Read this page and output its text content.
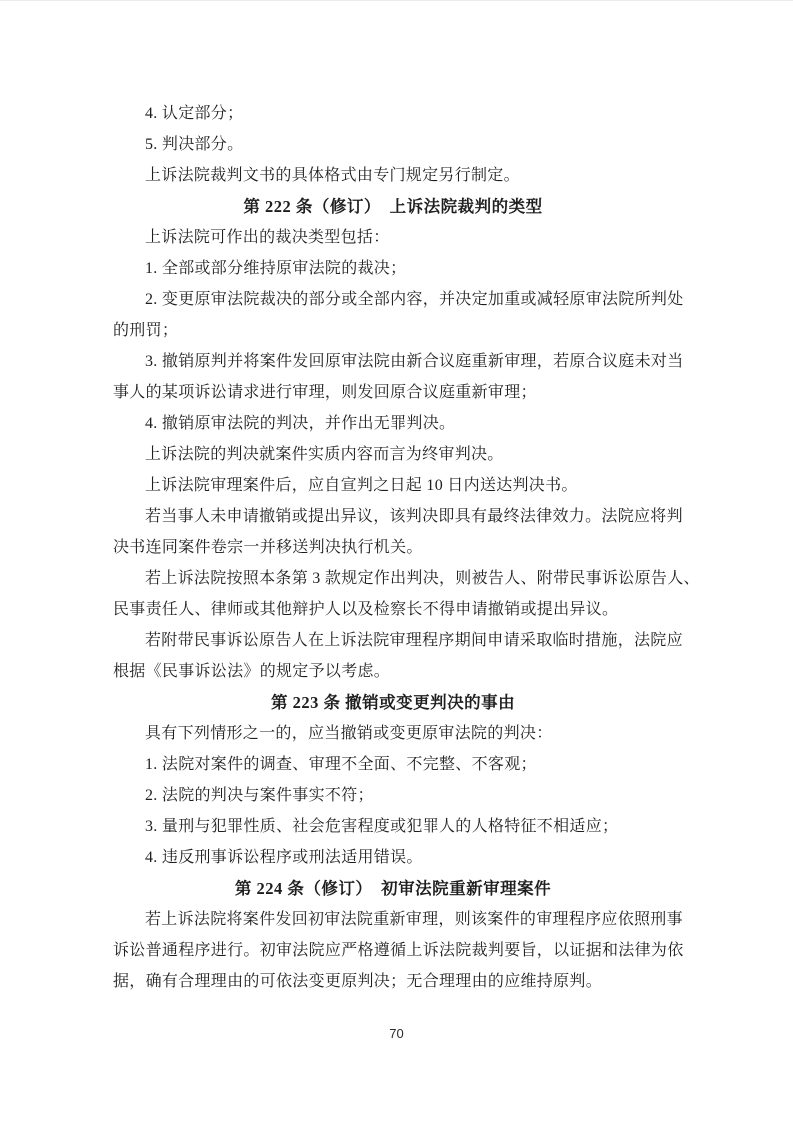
4. 认定部分；
5. 判决部分。
上诉法院裁判文书的具体格式由专门规定另行制定。
第 222 条（修订）　上诉法院裁判的类型
上诉法院可作出的裁决类型包括：
1. 全部或部分维持原审法院的裁决；
2. 变更原审法院裁决的部分或全部内容，并决定加重或减轻原审法院所判处
的刑罚；
3. 撤销原判并将案件发回原审法院由新合议庭重新审理，若原合议庭未对当
事人的某项诉讼请求进行审理，则发回原合议庭重新审理；
4. 撤销原审法院的判决，并作出无罪判决。
上诉法院的判决就案件实质内容而言为终审判决。
上诉法院审理案件后，应自宣判之日起 10 日内送达判决书。
若当事人未申请撤销或提出异议，该判决即具有最终法律效力。法院应将判
决书连同案件卷宗一并移送判决执行机关。
若上诉法院按照本条第 3 款规定作出判决，则被告人、附带民事诉讼原告人、
民事责任人、律师或其他辩护人以及检察长不得申请撤销或提出异议。
若附带民事诉讼原告人在上诉法院审理程序期间申请采取临时措施，法院应
根据《民事诉讼法》的规定予以考虑。
第 223 条 撤销或变更判决的事由
具有下列情形之一的，应当撤销或变更原审法院的判决：
1. 法院对案件的调查、审理不全面、不完整、不客观；
2. 法院的判决与案件事实不符；
3. 量刑与犯罪性质、社会危害程度或犯罪人的人格特征不相适应；
4. 违反刑事诉讼程序或刑法适用错误。
第 224 条（修订）　初审法院重新审理案件
若上诉法院将案件发回初审法院重新审理，则该案件的审理程序应依照刑事
诉讼普通程序进行。初审法院应严格遵循上诉法院裁判要旨，以证据和法律为依
据，确有合理理由的可依法变更原判决；无合理理由的应维持原判。
70
